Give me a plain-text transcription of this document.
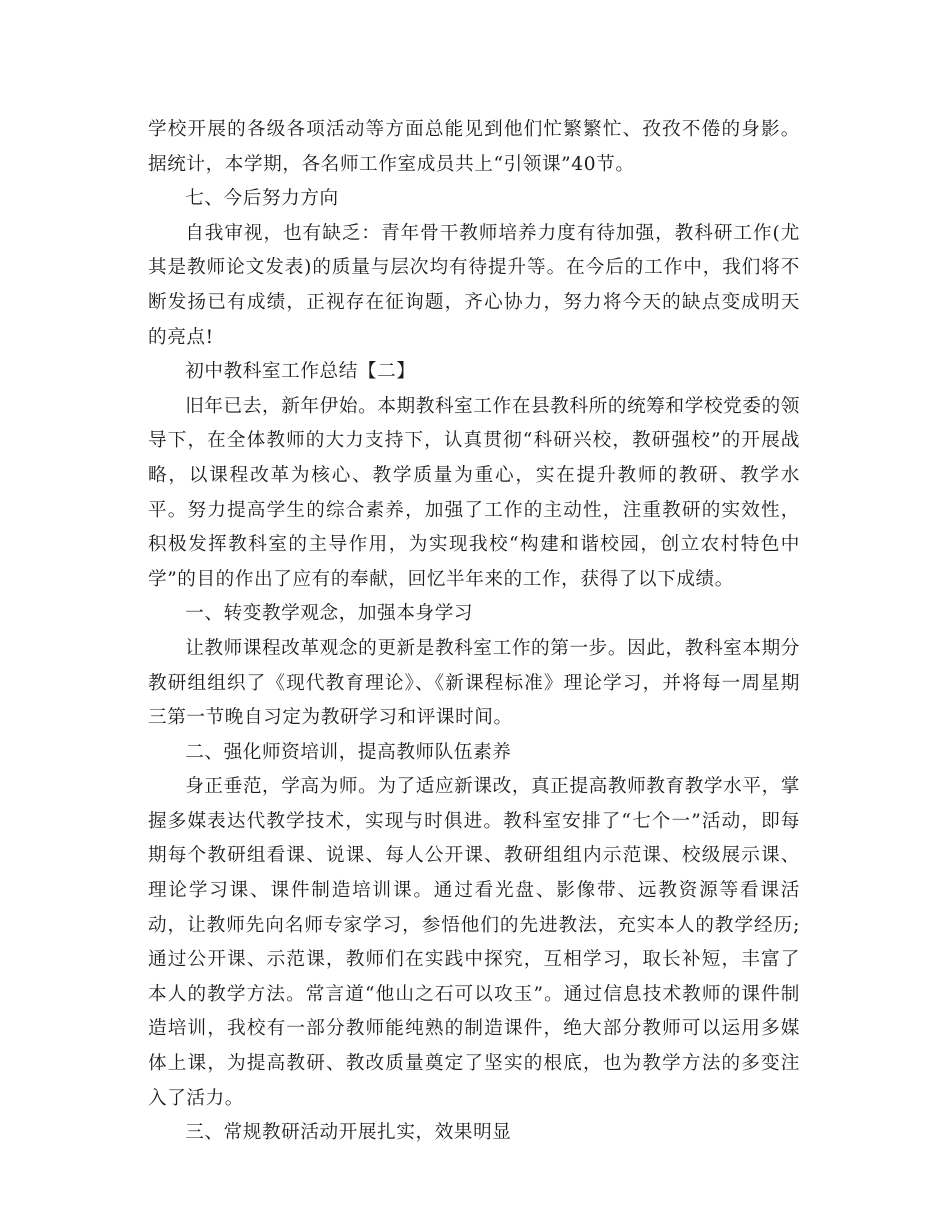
学校开展的各级各项活动等方面总能见到他们忙繁繁忙、孜孜不倦的身影。据统计，本学期，各名师工作室成员共上“引领课”40节。

七、今后努力方向

自我审视，也有缺乏：青年骨干教师培养力度有待加强，教科研工作(尤其是教师论文发表)的质量与层次均有待提升等。在今后的工作中，我们将不断发扬已有成绩，正视存在征询题，齐心协力，努力将今天的缺点变成明天的亮点!

初中教科室工作总结【二】

旧年已去，新年伊始。本期教科室工作在县教科所的统筹和学校党委的领导下，在全体教师的大力支持下，认真贯彻“科研兴校，教研强校”的开展战略，以课程改革为核心、教学质量为重心，实在提升教师的教研、教学水平。努力提高学生的综合素养，加强了工作的主动性，注重教研的实效性，积极发挥教科室的主导作用，为实现我校“构建和谐校园，创立农村特色中学”的目的作出了应有的奉献，回忆半年来的工作，获得了以下成绩。

一、转变教学观念，加强本身学习

让教师课程改革观念的更新是教科室工作的第一步。因此，教科室本期分教研组组织了《现代教育理论》、《新课程标准》理论学习，并将每一周星期三第一节晚自习定为教研学习和评课时间。

二、强化师资培训，提高教师队伍素养

身正垂范，学高为师。为了适应新课改，真正提高教师教育教学水平，掌握多媒表达代教学技术，实现与时俱进。教科室安排了“七个一”活动，即每期每个教研组看课、说课、每人公开课、教研组组内示范课、校级展示课、理论学习课、课件制造培训课。通过看光盘、影像带、远教资源等看课活动，让教师先向名师专家学习，参悟他们的先进教法，充实本人的教学经历;通过公开课、示范课，教师们在实践中探究，互相学习，取长补短，丰富了本人的教学方法。常言道“他山之石可以攻玉”。通过信息技术教师的课件制造培训，我校有一部分教师能纯熟的制造课件，绝大部分教师可以运用多媒体上课，为提高教研、教改质量奠定了坚实的根底，也为教学方法的多变注入了活力。

三、常规教研活动开展扎实，效果明显
